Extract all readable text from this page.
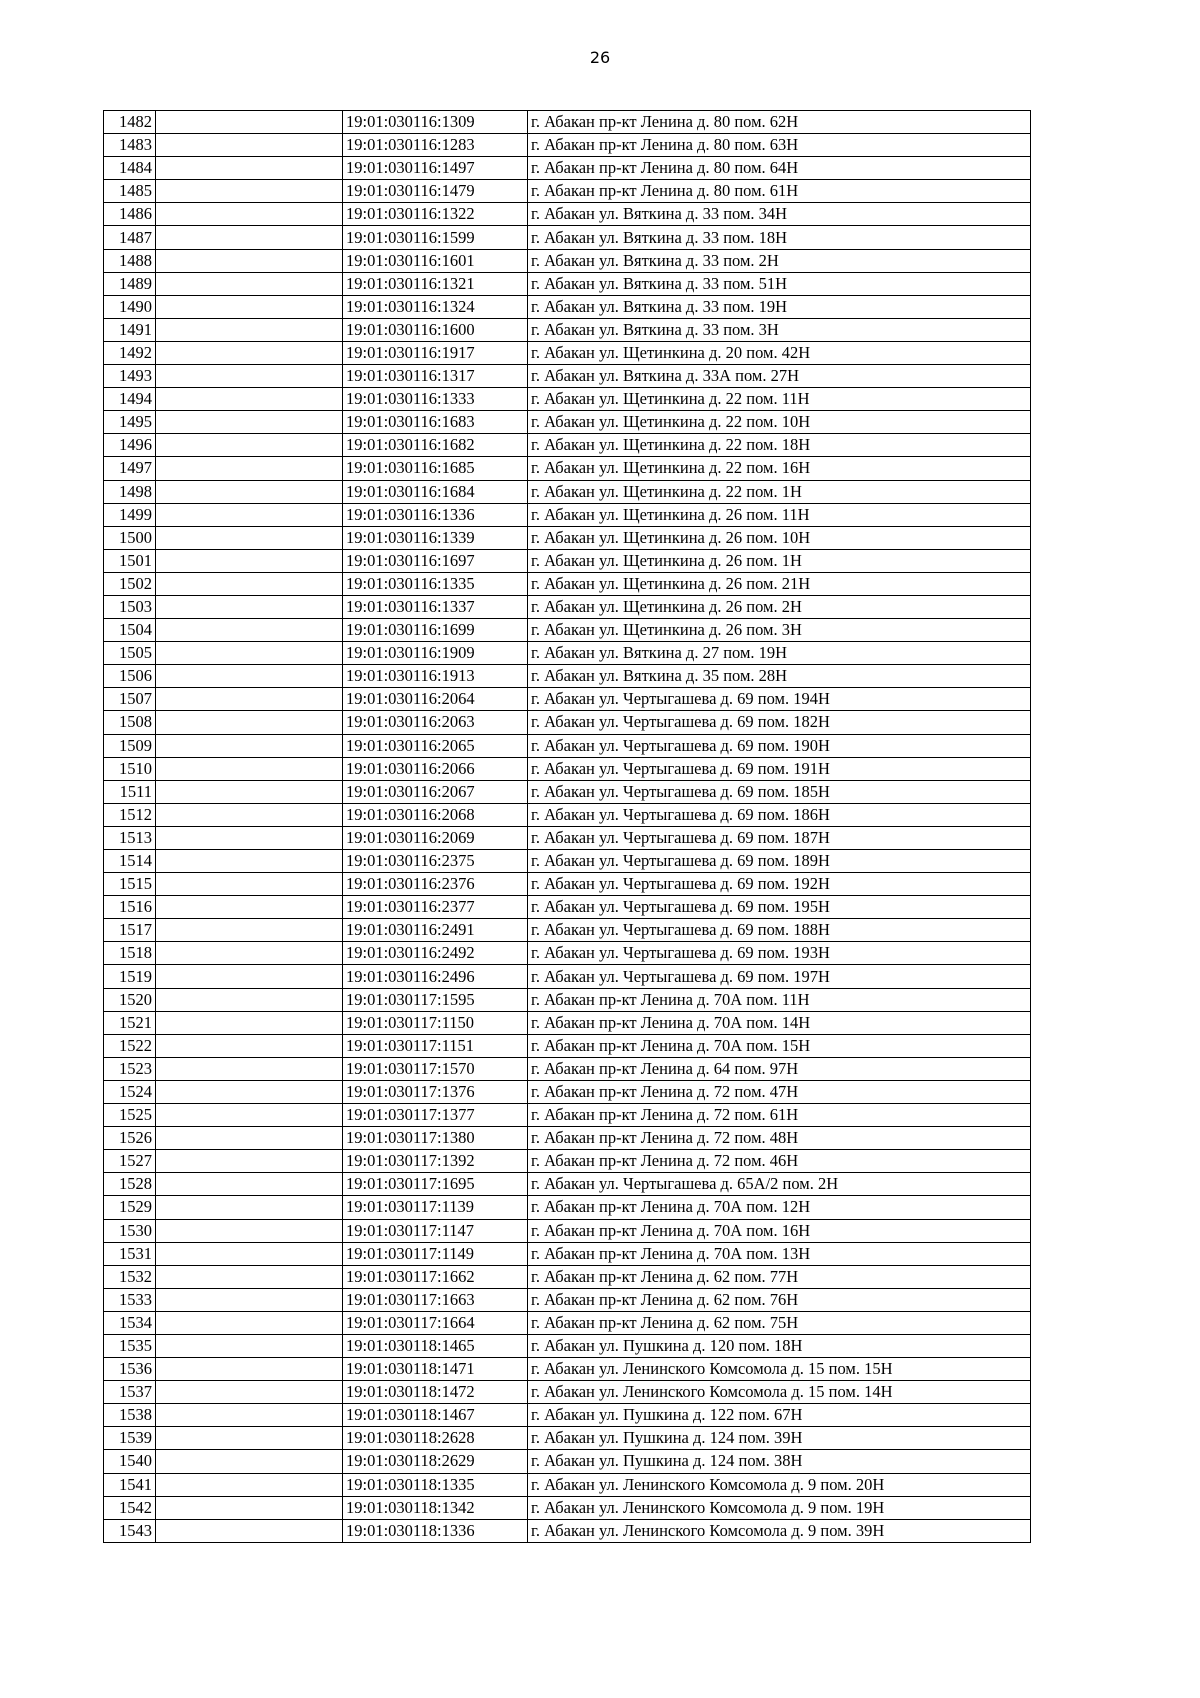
26
1482		19:01:030116:1309	г. Абакан пр-кт Ленина д. 80 пом. 62Н
1483		19:01:030116:1283	г. Абакан пр-кт Ленина д. 80 пом. 63Н
1484		19:01:030116:1497	г. Абакан пр-кт Ленина д. 80 пом. 64Н
1485		19:01:030116:1479	г. Абакан пр-кт Ленина д. 80 пом. 61Н
1486		19:01:030116:1322	г. Абакан ул. Вяткина д. 33 пом. 34Н
1487		19:01:030116:1599	г. Абакан ул. Вяткина д. 33 пом. 18Н
1488		19:01:030116:1601	г. Абакан ул. Вяткина д. 33 пом. 2Н
1489		19:01:030116:1321	г. Абакан ул. Вяткина д. 33 пом. 51Н
1490		19:01:030116:1324	г. Абакан ул. Вяткина д. 33 пом. 19Н
1491		19:01:030116:1600	г. Абакан ул. Вяткина д. 33 пом. 3Н
1492		19:01:030116:1917	г. Абакан ул. Щетинкина д. 20 пом. 42Н
1493		19:01:030116:1317	г. Абакан ул. Вяткина д. 33А пом. 27Н
1494		19:01:030116:1333	г. Абакан ул. Щетинкина д. 22 пом. 11Н
1495		19:01:030116:1683	г. Абакан ул. Щетинкина д. 22 пом. 10Н
1496		19:01:030116:1682	г. Абакан ул. Щетинкина д. 22 пом. 18Н
1497		19:01:030116:1685	г. Абакан ул. Щетинкина д. 22 пом. 16Н
1498		19:01:030116:1684	г. Абакан ул. Щетинкина д. 22 пом. 1Н
1499		19:01:030116:1336	г. Абакан ул. Щетинкина д. 26 пом. 11Н
1500		19:01:030116:1339	г. Абакан ул. Щетинкина д. 26 пом. 10Н
1501		19:01:030116:1697	г. Абакан ул. Щетинкина д. 26 пом. 1Н
1502		19:01:030116:1335	г. Абакан ул. Щетинкина д. 26 пом. 21Н
1503		19:01:030116:1337	г. Абакан ул. Щетинкина д. 26 пом. 2Н
1504		19:01:030116:1699	г. Абакан ул. Щетинкина д. 26 пом. 3Н
1505		19:01:030116:1909	г. Абакан ул. Вяткина д. 27 пом. 19Н
1506		19:01:030116:1913	г. Абакан ул. Вяткина д. 35 пом. 28Н
1507		19:01:030116:2064	г. Абакан ул. Чертыгашева д. 69 пом. 194Н
1508		19:01:030116:2063	г. Абакан ул. Чертыгашева д. 69 пом. 182Н
1509		19:01:030116:2065	г. Абакан ул. Чертыгашева д. 69 пом. 190Н
1510		19:01:030116:2066	г. Абакан ул. Чертыгашева д. 69 пом. 191Н
1511		19:01:030116:2067	г. Абакан ул. Чертыгашева д. 69 пом. 185Н
1512		19:01:030116:2068	г. Абакан ул. Чертыгашева д. 69 пом. 186Н
1513		19:01:030116:2069	г. Абакан ул. Чертыгашева д. 69 пом. 187Н
1514		19:01:030116:2375	г. Абакан ул. Чертыгашева д. 69 пом. 189Н
1515		19:01:030116:2376	г. Абакан ул. Чертыгашева д. 69 пом. 192Н
1516		19:01:030116:2377	г. Абакан ул. Чертыгашева д. 69 пом. 195Н
1517		19:01:030116:2491	г. Абакан ул. Чертыгашева д. 69 пом. 188Н
1518		19:01:030116:2492	г. Абакан ул. Чертыгашева д. 69 пом. 193Н
1519		19:01:030116:2496	г. Абакан ул. Чертыгашева д. 69 пом. 197Н
1520		19:01:030117:1595	г. Абакан пр-кт Ленина д. 70А пом. 11Н
1521		19:01:030117:1150	г. Абакан пр-кт Ленина д. 70А пом. 14Н
1522		19:01:030117:1151	г. Абакан пр-кт Ленина д. 70А пом. 15Н
1523		19:01:030117:1570	г. Абакан пр-кт Ленина д. 64 пом. 97Н
1524		19:01:030117:1376	г. Абакан пр-кт Ленина д. 72 пом. 47Н
1525		19:01:030117:1377	г. Абакан пр-кт Ленина д. 72 пом. 61Н
1526		19:01:030117:1380	г. Абакан пр-кт Ленина д. 72 пом. 48Н
1527		19:01:030117:1392	г. Абакан пр-кт Ленина д. 72 пом. 46Н
1528		19:01:030117:1695	г. Абакан ул. Чертыгашева д. 65А/2 пом. 2Н
1529		19:01:030117:1139	г. Абакан пр-кт Ленина д. 70А пом. 12Н
1530		19:01:030117:1147	г. Абакан пр-кт Ленина д. 70А пом. 16Н
1531		19:01:030117:1149	г. Абакан пр-кт Ленина д. 70А пом. 13Н
1532		19:01:030117:1662	г. Абакан пр-кт Ленина д. 62 пом. 77Н
1533		19:01:030117:1663	г. Абакан пр-кт Ленина д. 62 пом. 76Н
1534		19:01:030117:1664	г. Абакан пр-кт Ленина д. 62 пом. 75Н
1535		19:01:030118:1465	г. Абакан ул. Пушкина д. 120 пом. 18Н
1536		19:01:030118:1471	г. Абакан ул. Ленинского Комсомола д. 15 пом. 15Н
1537		19:01:030118:1472	г. Абакан ул. Ленинского Комсомола д. 15 пом. 14Н
1538		19:01:030118:1467	г. Абакан ул. Пушкина д. 122 пом. 67Н
1539		19:01:030118:2628	г. Абакан ул. Пушкина д. 124 пом. 39Н
1540		19:01:030118:2629	г. Абакан ул. Пушкина д. 124 пом. 38Н
1541		19:01:030118:1335	г. Абакан ул. Ленинского Комсомола д. 9 пом. 20Н
1542		19:01:030118:1342	г. Абакан ул. Ленинского Комсомола д. 9 пом. 19Н
1543		19:01:030118:1336	г. Абакан ул. Ленинского Комсомола д. 9 пом. 39Н
